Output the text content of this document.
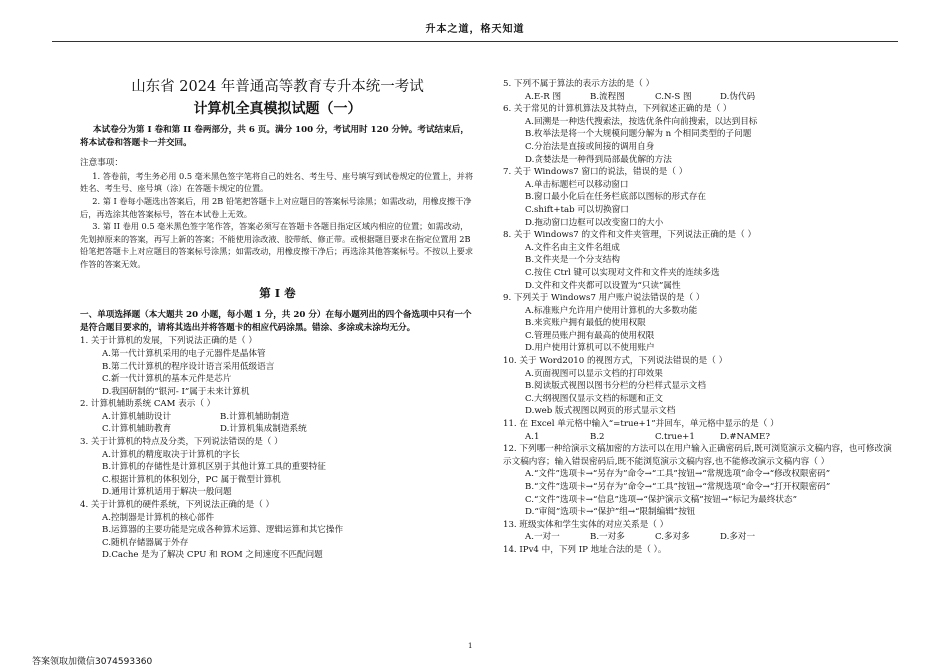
升本之道，格天知道

山东省 2024 年普通高等教育专升本统一考试

计算机全真模拟试题（一）

本试卷分为第 I 卷和第 II 卷两部分，共 6 页。满分 100 分，考试用时 120 分钟。考试结束后，将本试卷和答题卡一并交回。

注意事项：

1. 答卷前，考生务必用 0.5 毫米黑色签字笔将自己的姓名、考生号、座号填写到试卷规定的位置上，并将姓名、考生号、座号填（涂）在答题卡规定的位置。

2. 第 I 卷每小题选出答案后，用 2B 铅笔把答题卡上对应题目的答案标号涂黑；如需改动，用橡皮擦干净后，再选涂其他答案标号，答在本试卷上无效。

3. 第 II 卷用 0.5 毫米黑色签字笔作答，答案必须写在答题卡各题目指定区域内相应的位置；如需改动，先划掉原来的答案，再写上新的答案；不能使用涂改液、胶带纸、修正带。或根据题目要求在指定位置用 2B 铅笔把答题卡上对应题目的答案标号涂黑；如需改动，用橡皮擦干净后；再选涂其他答案标号。不按以上要求作答的答案无效。

第 I 卷

一、单项选择题（本大题共 20 小题，每小题 1 分，共 20 分）在每小题列出的四个备选项中只有一个是符合题目要求的，请将其选出并将答题卡的相应代码涂黑。错涂、多涂或未涂均无分。

1. 关于计算机的发展，下列说法正确的是（ ）

A.第一代计算机采用的电子元器件是晶体管

B.第二代计算机的程序设计语言采用低级语言

C.新一代计算机的基本元件是芯片

D.我国研制的“银河- Ⅰ”属于未来计算机

2. 计算机辅助系统 CAM 表示（ ）

A.计算机辅助设计	B.计算机辅助制造
C.计算机辅助教育	D.计算机集成制造系统

3. 关于计算机的特点及分类，下列说法错误的是（ ）

A.计算机的精度取决于计算机的字长

B.计算机的存储性是计算机区别于其他计算工具的重要特征

C.根据计算机的体积划分，PC 属于微型计算机

D.通用计算机适用于解决一般问题

4. 关于计算机的硬件系统，下列说法正确的是（ ）

A.控制器是计算机的核心部件

B.运算器的主要功能是完成各种算术运算、逻辑运算和其它操作

C.随机存储器属于外存

D.Cache 是为了解决 CPU 和 ROM 之间速度不匹配问题

5. 下列不属于算法的表示方法的是（ ）

A.E-R 图	B.流程图	C.N-S 图	D.伪代码

6. 关于常见的计算机算法及其特点，下列叙述正确的是（ ）

A.回溯是一种迭代搜索法，按选优条件向前搜索，以达到目标

B.枚举法是将一个大规模问题分解为 n 个相同类型的子问题

C.分治法是直接或间接的调用自身

D.贪婪法是一种得到局部最优解的方法

7. 关于 Windows7 窗口的说法，错误的是（ ）

A.单击标题栏可以移动窗口

B.窗口最小化后在任务栏底部以图标的形式存在

C.shift+tab 可以切换窗口

D.拖动窗口边框可以改变窗口的大小

8. 关于 Windows7 的文件和文件夹管理，下列说法正确的是（ ）

A.文件名由主文件名组成

B.文件夹是一个分支结构

C.按住 Ctrl 键可以实现对文件和文件夹的连续多选

D.文件和文件夹都可以设置为“只读”属性

9. 下列关于 Windows7 用户账户说法错误的是（ ）

A.标准账户允许用户使用计算机的大多数功能

B.来宾账户拥有最低的使用权限

C.管理员账户拥有最高的使用权限

D.用户使用计算机可以不使用账户

10. 关于 Word2010 的视图方式，下列说法错误的是（ ）

A.页面视图可以显示文档的打印效果

B.阅读版式视图以图书分栏的分栏样式显示文档

C.大纲视图仅显示文档的标题和正文

D.web 版式视图以网页的形式显示文档

11. 在 Excel 单元格中输入“=true+1”并回车，单元格中显示的是（ ）

A.1	B.2	C.true+1	D.#NAME?

12. 下列哪一种给演示文稿加密的方法可以在用户输入正确密码后,既可浏览演示文稿内容，也可修改演示文稿内容；输入错误密码后,既不能浏览演示文稿内容,也不能修改演示文稿内容（ ）

A.“文件”选项卡→“另存为”命令→“工具”按钮→“常规选项”命令→“修改权限密码”

B.“文件”选项卡→“另存为”命令→“工具”按钮→“常规选项“命令→“打开权限密码”

C.“文件”选项卡→“信息”选项→“保护演示文稿”按钮→“标记为最终状态”

D.“审阅”选项卡→“保护”组→“限制编辑”按钮

13. 班级实体和学生实体的对应关系是（ ）

A.一对一	B.一对多	C.多对多	D.多对一

14. IPv4 中，下列 IP 地址合法的是（ ）。

1
答案领取加微信3074593360
